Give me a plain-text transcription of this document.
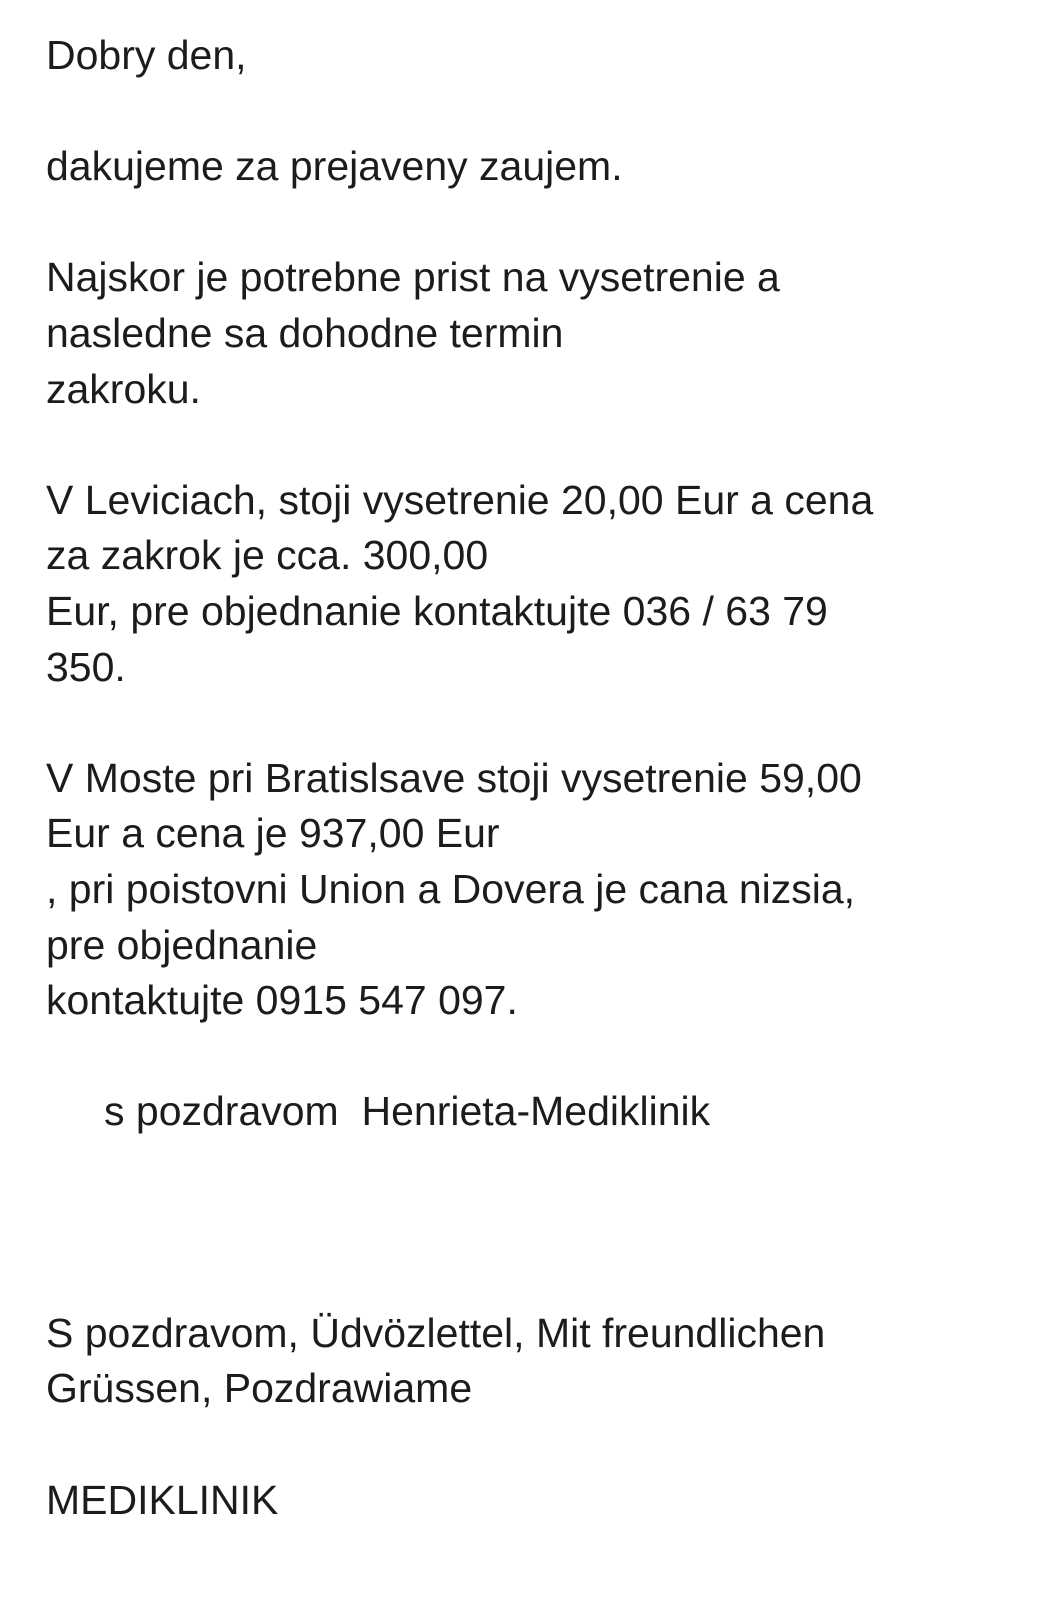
Dobry den,
dakujeme za prejaveny zaujem.
Najskor je potrebne prist na vysetrenie a
nasledne sa dohodne termin
zakroku.
V Leviciach, stoji vysetrenie 20,00 Eur a cena
za zakrok je cca. 300,00
Eur, pre objednanie kontaktujte 036 / 63 79
350.
V Moste pri Bratislsave stoji vysetrenie 59,00
Eur a cena je 937,00 Eur
, pri poistovni Union a Dovera je cana nizsia,
pre objednanie
kontaktujte 0915 547 097.
s pozdravom  Henrieta-Mediklinik
S pozdravom, Üdvözlettel, Mit freundlichen
Grüssen, Pozdrawiame
MEDIKLINIK
